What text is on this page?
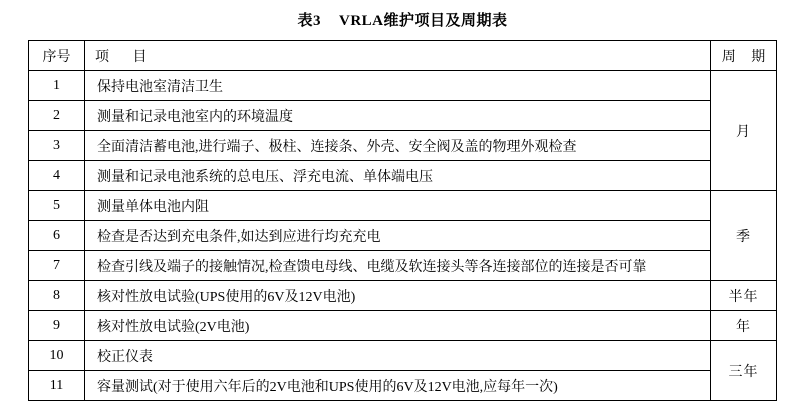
表3 VRLA维护项目及周期表
序号	项 目	周 期
1	保持电池室清洁卫生	月
2	测量和记录电池室内的环境温度	

3	全面清洁蓄电池,进行端子、极柱、连接条、外壳、安全阀及盖的物理外观检查	

4	测量和记录电池系统的总电压、浮充电流、单体端电压	

5	测量单体电池内阻	季
6	检查是否达到充电条件,如达到应进行均充充电	

7	检查引线及端子的接触情况,检查馈电母线、电缆及软连接头等各连接部位的连接是否可靠	

8	核对性放电试验(UPS使用的6V及12V电池)	半年
9	核对性放电试验(2V电池)	年
10	校正仪表	三年
11	容量测试(对于使用六年后的2V电池和UPS使用的6V及12V电池,应每年一次)	
